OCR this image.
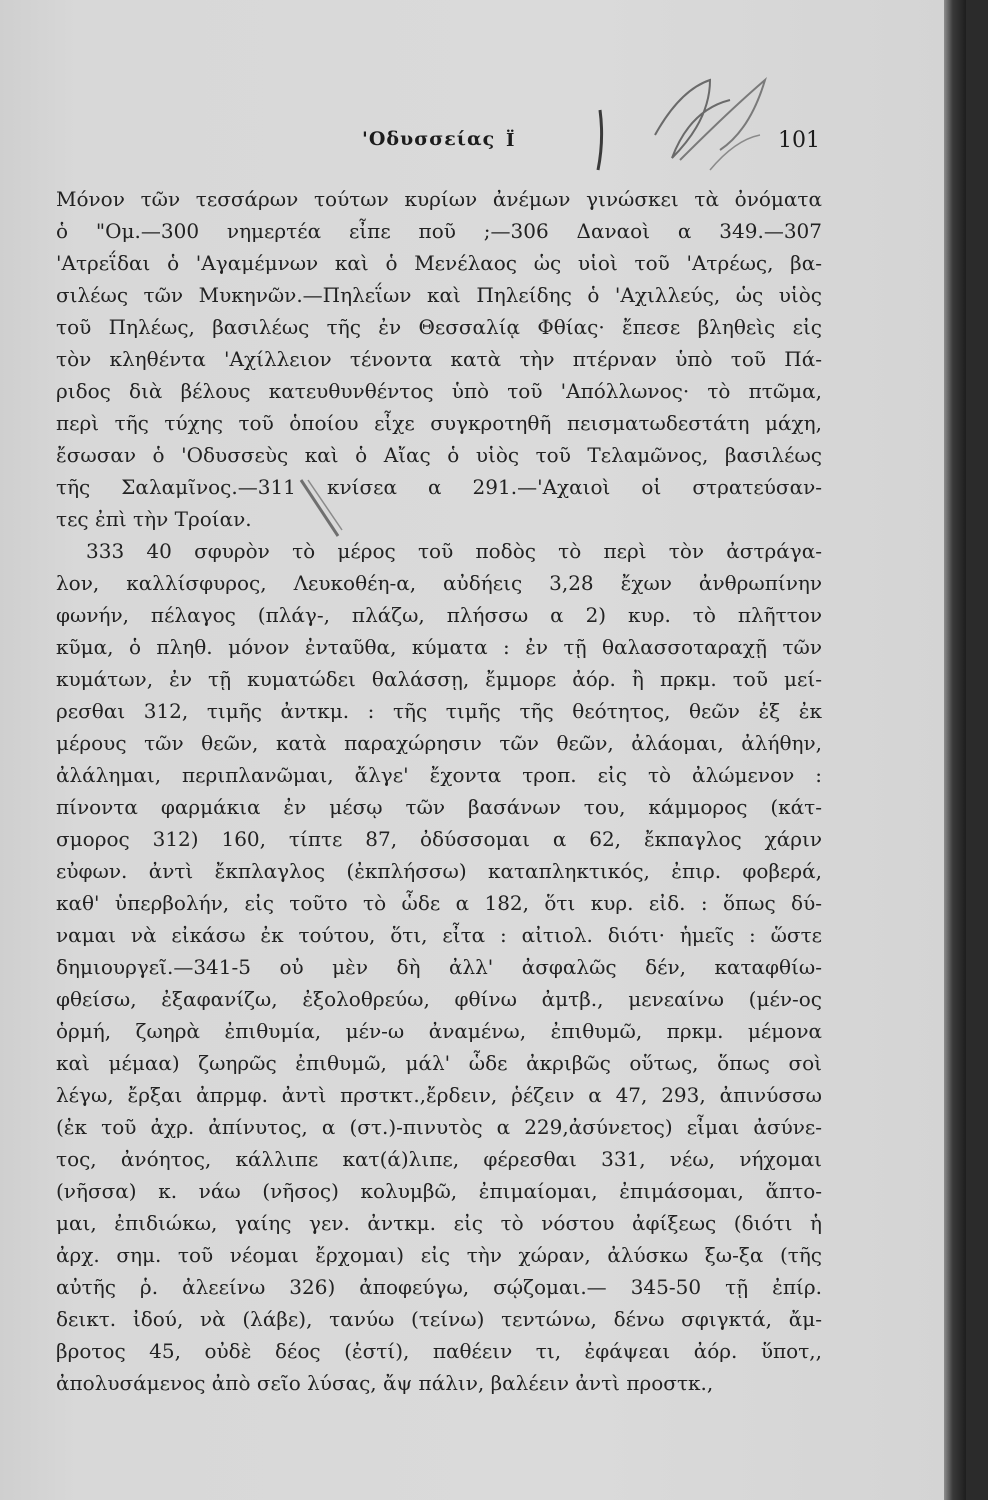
'Οδυσσείας Ϊ	101
Μόνον τῶν τεσσάρων τούτων κυρίων ἀνέμων γινώσκει τὰ ὀνόματα
ὁ "Ομ.—300 νημερτέα εἶπε ποῦ ;—306 Δαναοὶ α 349.—307
'Ατρεΐδαι ὁ 'Αγαμέμνων καὶ ὁ Μενέλαος ὡς υἱοὶ τοῦ 'Ατρέως, βα-
σιλέως τῶν Μυκηνῶν.—Πηλεΐων καὶ Πηλείδης ὁ 'Αχιλλεύς, ὡς υἱὸς
τοῦ Πηλέως, βασιλέως τῆς ἐν Θεσσαλίᾳ Φθίας· ἔπεσε βληθεὶς εἰς
τὸν κληθέντα 'Αχίλλειον τένοντα κατὰ τὴν πτέρναν ὑπὸ τοῦ Πά-
ριδος διὰ βέλους κατευθυνθέντος ὑπὸ τοῦ 'Απόλλωνος· τὸ πτῶμα,
περὶ τῆς τύχης τοῦ ὁποίου εἶχε συγκροτηθῆ πεισματωδεστάτη μάχη,
ἔσωσαν ὁ 'Οδυσσεὺς καὶ ὁ Αἴας ὁ υἱὸς τοῦ Τελαμῶνος, βασιλέως
τῆς Σαλαμῖνος.—311 κνίσεα α 291.—'Αχαιοὶ οἱ στρατεύσαν-
τες ἐπὶ τὴν Τροίαν.
333 40 σφυρὸν τὸ μέρος τοῦ ποδὸς τὸ περὶ τὸν ἀστράγα-
λον, καλλίσφυρος, Λευκοθέη-α, αὐδήεις 3,28 ἔχων ἀνθρωπίνην
φωνήν, πέλαγος (πλάγ-, πλάζω, πλήσσω α 2) κυρ. τὸ πλῆττον
κῦμα, ὁ πληθ. μόνον ἐνταῦθα, κύματα : ἐν τῇ θαλασσοταραχῇ τῶν
κυμάτων, ἐν τῇ κυματώδει θαλάσσῃ, ἔμμορε ἀόρ. ἢ πρκμ. τοῦ μεί-
ρεσθαι 312, τιμῆς ἀντκμ. : τῆς τιμῆς τῆς θεότητος, θεῶν ἐξ ἐκ
μέρους τῶν θεῶν, κατὰ παραχώρησιν τῶν θεῶν, ἀλάομαι, ἀλήθην,
ἀλάλημαι, περιπλανῶμαι, ἄλγε' ἔχοντα τροπ. εἰς τὸ ἀλώμενον :
πίνοντα φαρμάκια ἐν μέσῳ τῶν βασάνων του, κάμμορος (κάτ-
σμορος 312) 160, τίπτε 87, ὀδύσσομαι α 62, ἔκπαγλος χάριν
εὐφων. ἀντὶ ἔκπλαγλος (ἐκπλήσσω) καταπληκτικός, ἐπιρ. φοβερά,
καθ' ὑπερβολήν, εἰς τοῦτο τὸ ὧδε α 182, ὅτι κυρ. εἰδ. : ὅπως δύ-
ναμαι νὰ εἰκάσω ἐκ τούτου, ὅτι, εἶτα : αἰτιολ. διότι· ἡμεῖς : ὥστε
δημιουργεῖ.—341-5 οὐ μὲν δὴ ἀλλ' ἀσφαλῶς δέν, καταφθίω-
φθείσω, ἐξαφανίζω, ἐξολοθρεύω, φθίνω ἀμτβ., μενεαίνω (μέν-ος
ὁρμή, ζωηρὰ ἐπιθυμία, μέν-ω ἀναμένω, ἐπιθυμῶ, πρκμ. μέμονα
καὶ μέμαα) ζωηρῶς ἐπιθυμῶ, μάλ' ὧδε ἀκριβῶς οὕτως, ὅπως σοὶ
λέγω, ἔρξαι ἀπρμφ. ἀντὶ πρστκτ.,ἔρδειν, ῥέζειν α 47, 293, ἀπινύσσω
(ἐκ τοῦ ἀχρ. ἀπίνυτος, α (στ.)-πινυτὸς α 229,ἀσύνετος) εἶμαι ἀσύνε-
τος, ἀνόητος, κάλλιπε κατ(ά)λιπε, φέρεσθαι 331, νέω, νήχομαι
(νῆσσα) κ. νάω (νῆσος) κολυμβῶ, ἐπιμαίομαι, ἐπιμάσομαι, ἅπτο-
μαι, ἐπιδιώκω, γαίης γεν. ἀντκμ. εἰς τὸ νόστου ἀφίξεως (διότι ἡ
ἀρχ. σημ. τοῦ νέομαι ἔρχομαι) εἰς τὴν χώραν, ἀλύσκω ξω-ξα (τῆς
αὐτῆς ῥ. ἀλεείνω 326) ἀποφεύγω, σῴζομαι.— 345-50 τῇ ἐπίρ.
δεικτ. ἰδού, νὰ (λάβε), τανύω (τείνω) τεντώνω, δένω σφιγκτά, ἄμ-
βροτος 45, οὐδὲ δέος (ἐστί), παθέειν τι, ἐφάψεαι ἀόρ. ὕποτ,,
ἀπολυσάμενος ἀπὸ σεῖο λύσας, ἄψ πάλιν, βαλέειν ἀντὶ προστκ.,
